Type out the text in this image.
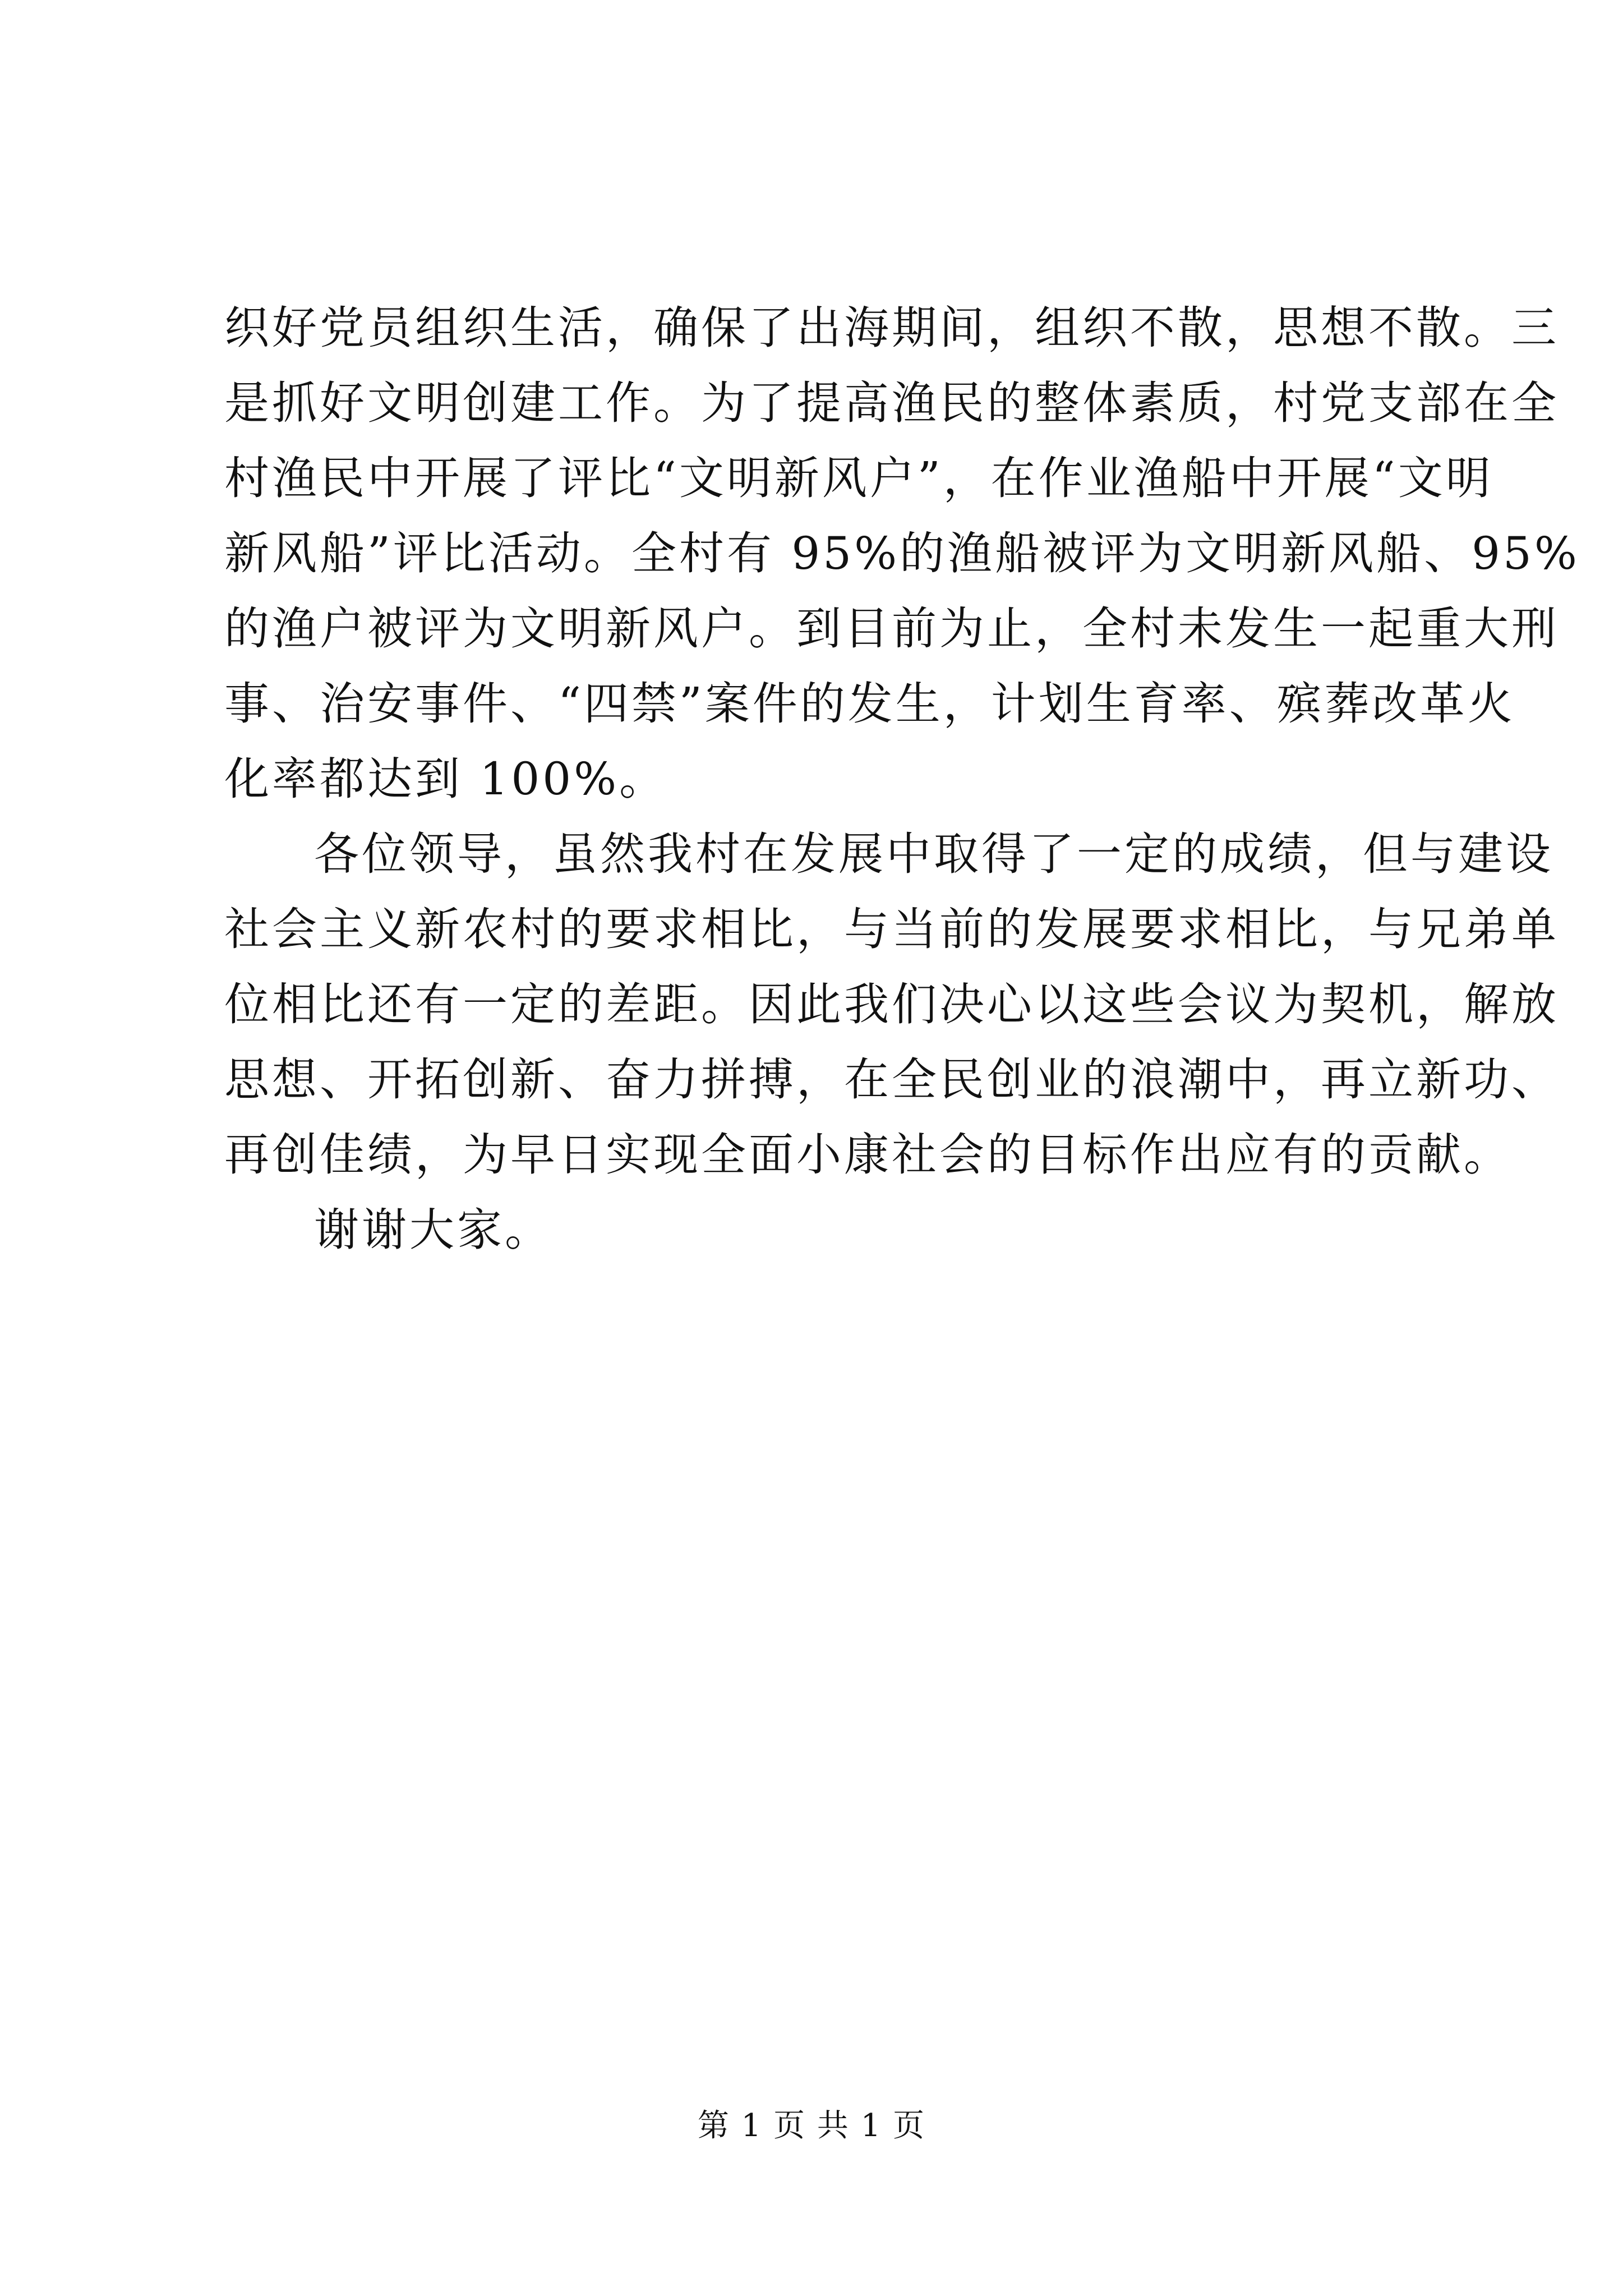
织好党员组织生活，确保了出海期间，组织不散，思想不散。三
是抓好文明创建工作。为了提高渔民的整体素质，村党支部在全
村渔民中开展了评比“文明新风户”，在作业渔船中开展“文明
新风船”评比活动。全村有 95%的渔船被评为文明新风船、95%
的渔户被评为文明新风户。到目前为止，全村未发生一起重大刑
事、治安事件、“四禁”案件的发生，计划生育率、殡葬改革火
化率都达到 100%。
各位领导，虽然我村在发展中取得了一定的成绩，但与建设
社会主义新农村的要求相比，与当前的发展要求相比，与兄弟单
位相比还有一定的差距。因此我们决心以这些会议为契机，解放
思想、开拓创新、奋力拼搏，在全民创业的浪潮中，再立新功、
再创佳绩，为早日实现全面小康社会的目标作出应有的贡献。
谢谢大家。
第 1 页 共 1 页
